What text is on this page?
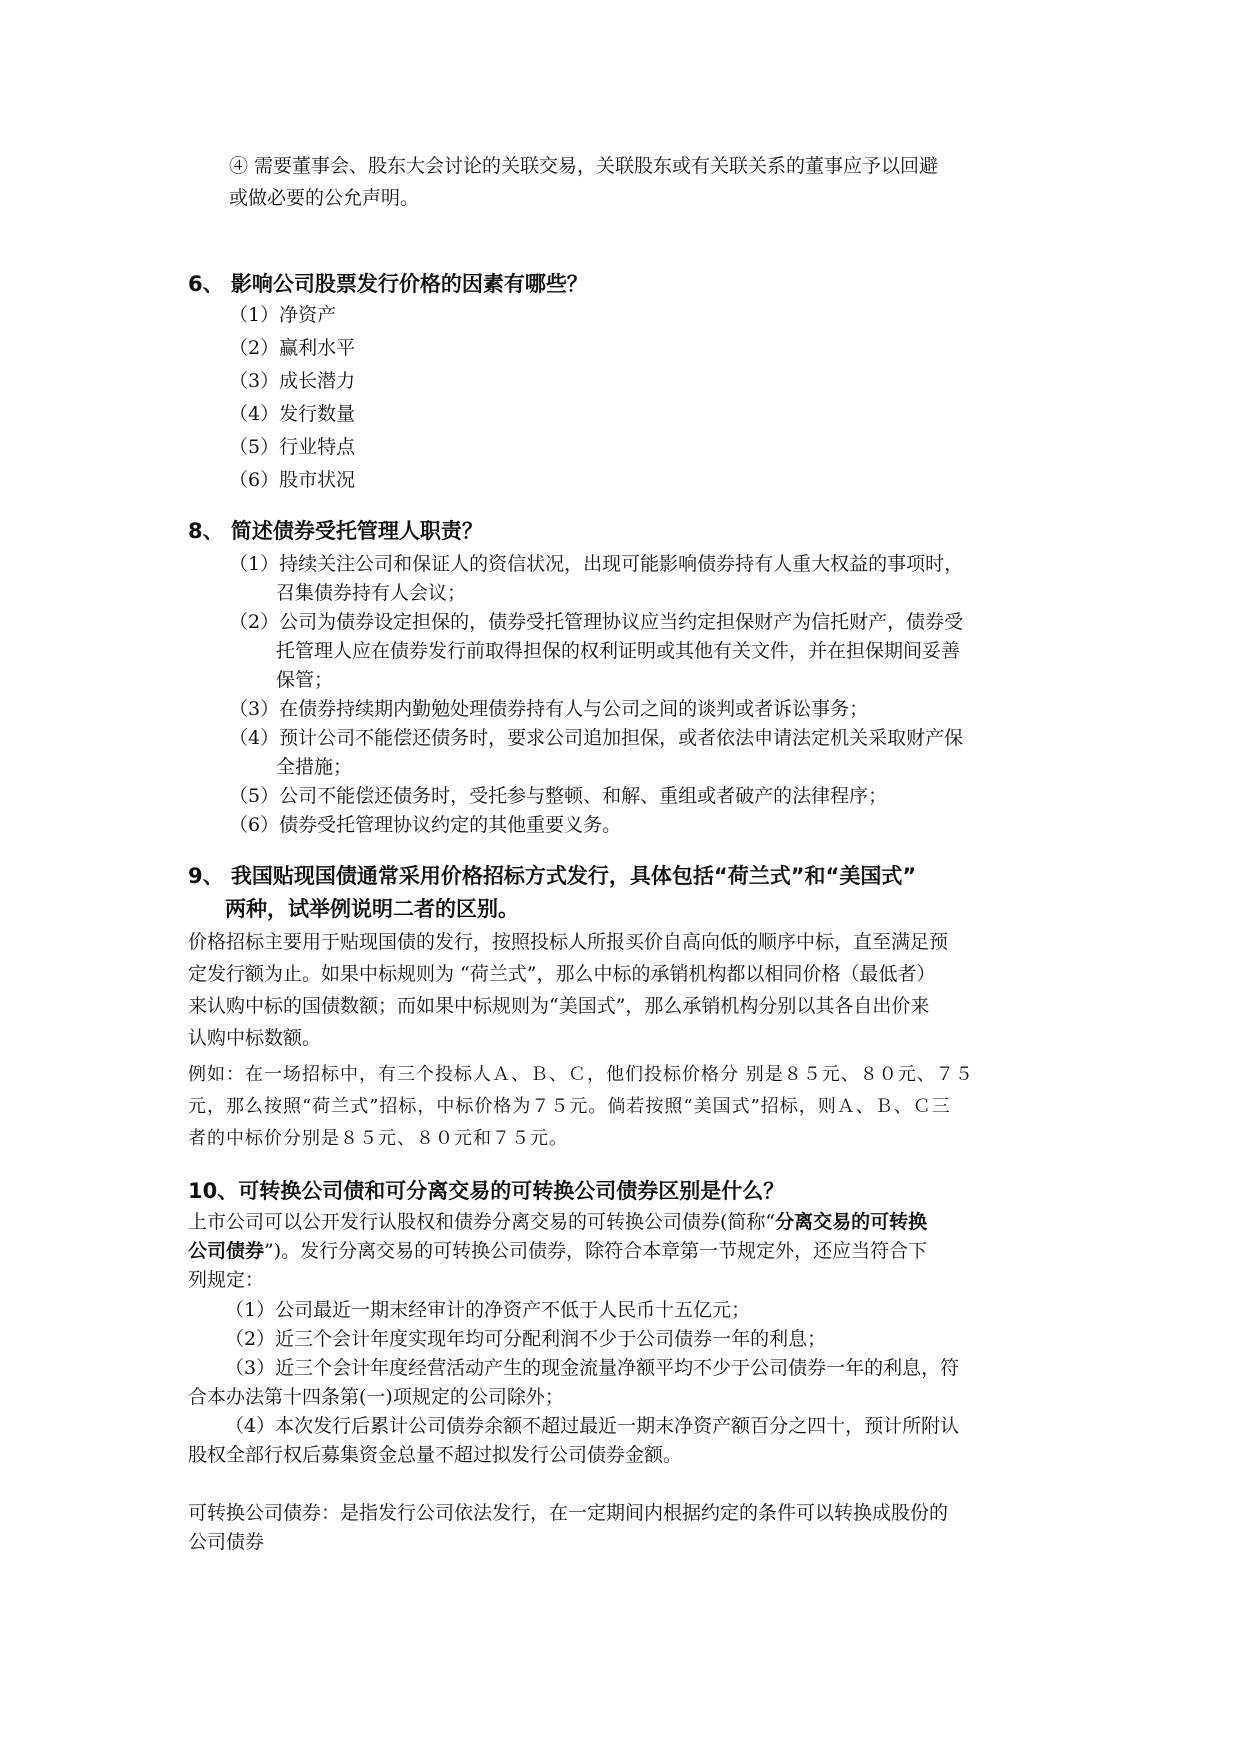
④ 需要董事会、股东大会讨论的关联交易，关联股东或有关联关系的董事应予以回避
或做必要的公允声明。
6、 影响公司股票发行价格的因素有哪些？
（1）净资产
（2）赢利水平
（3）成长潜力
（4）发行数量
（5）行业特点
（6）股市状况
8、 简述债券受托管理人职责？
（1）持续关注公司和保证人的资信状况，出现可能影响债券持有人重大权益的事项时，
召集债券持有人会议；
（2）公司为债券设定担保的，债券受托管理协议应当约定担保财产为信托财产，债券受
托管理人应在债券发行前取得担保的权利证明或其他有关文件，并在担保期间妥善
保管；
（3）在债券持续期内勤勉处理债券持有人与公司之间的谈判或者诉讼事务；
（4）预计公司不能偿还债务时，要求公司追加担保，或者依法申请法定机关采取财产保
全措施；
（5）公司不能偿还债务时，受托参与整顿、和解、重组或者破产的法律程序；
（6）债券受托管理协议约定的其他重要义务。
9、 我国贴现国债通常采用价格招标方式发行，具体包括“荷兰式”和“美国式”
两种，试举例说明二者的区别。
价格招标主要用于贴现国债的发行，按照投标人所报买价自高向低的顺序中标，直至满足预
定发行额为止。如果中标规则为 “荷兰式”，那么中标的承销机构都以相同价格（最低者）
来认购中标的国债数额；而如果中标规则为“美国式”，那么承销机构分别以其各自出价来
认购中标数额。
例如：在一场招标中，有三个投标人Ａ、Ｂ、Ｃ，他们投标价格分 别是８５元、８０元、７５
元，那么按照“荷兰式”招标，中标价格为７５元。倘若按照“美国式”招标，则Ａ、Ｂ、Ｃ三
者的中标价分别是８５元、８０元和７５元。
10、可转换公司债和可分离交易的可转换公司债券区别是什么？
上市公司可以公开发行认股权和债券分离交易的可转换公司债券(简称“分离交易的可转换
公司债券”)。发行分离交易的可转换公司债券，除符合本章第一节规定外，还应当符合下
列规定：
（1）公司最近一期末经审计的净资产不低于人民币十五亿元；
（2）近三个会计年度实现年均可分配利润不少于公司债券一年的利息；
（3）近三个会计年度经营活动产生的现金流量净额平均不少于公司债券一年的利息，符
合本办法第十四条第(一)项规定的公司除外；
（4）本次发行后累计公司债券余额不超过最近一期末净资产额百分之四十，预计所附认
股权全部行权后募集资金总量不超过拟发行公司债券金额。
可转换公司债券：是指发行公司依法发行，在一定期间内根据约定的条件可以转换成股份的
公司债券
